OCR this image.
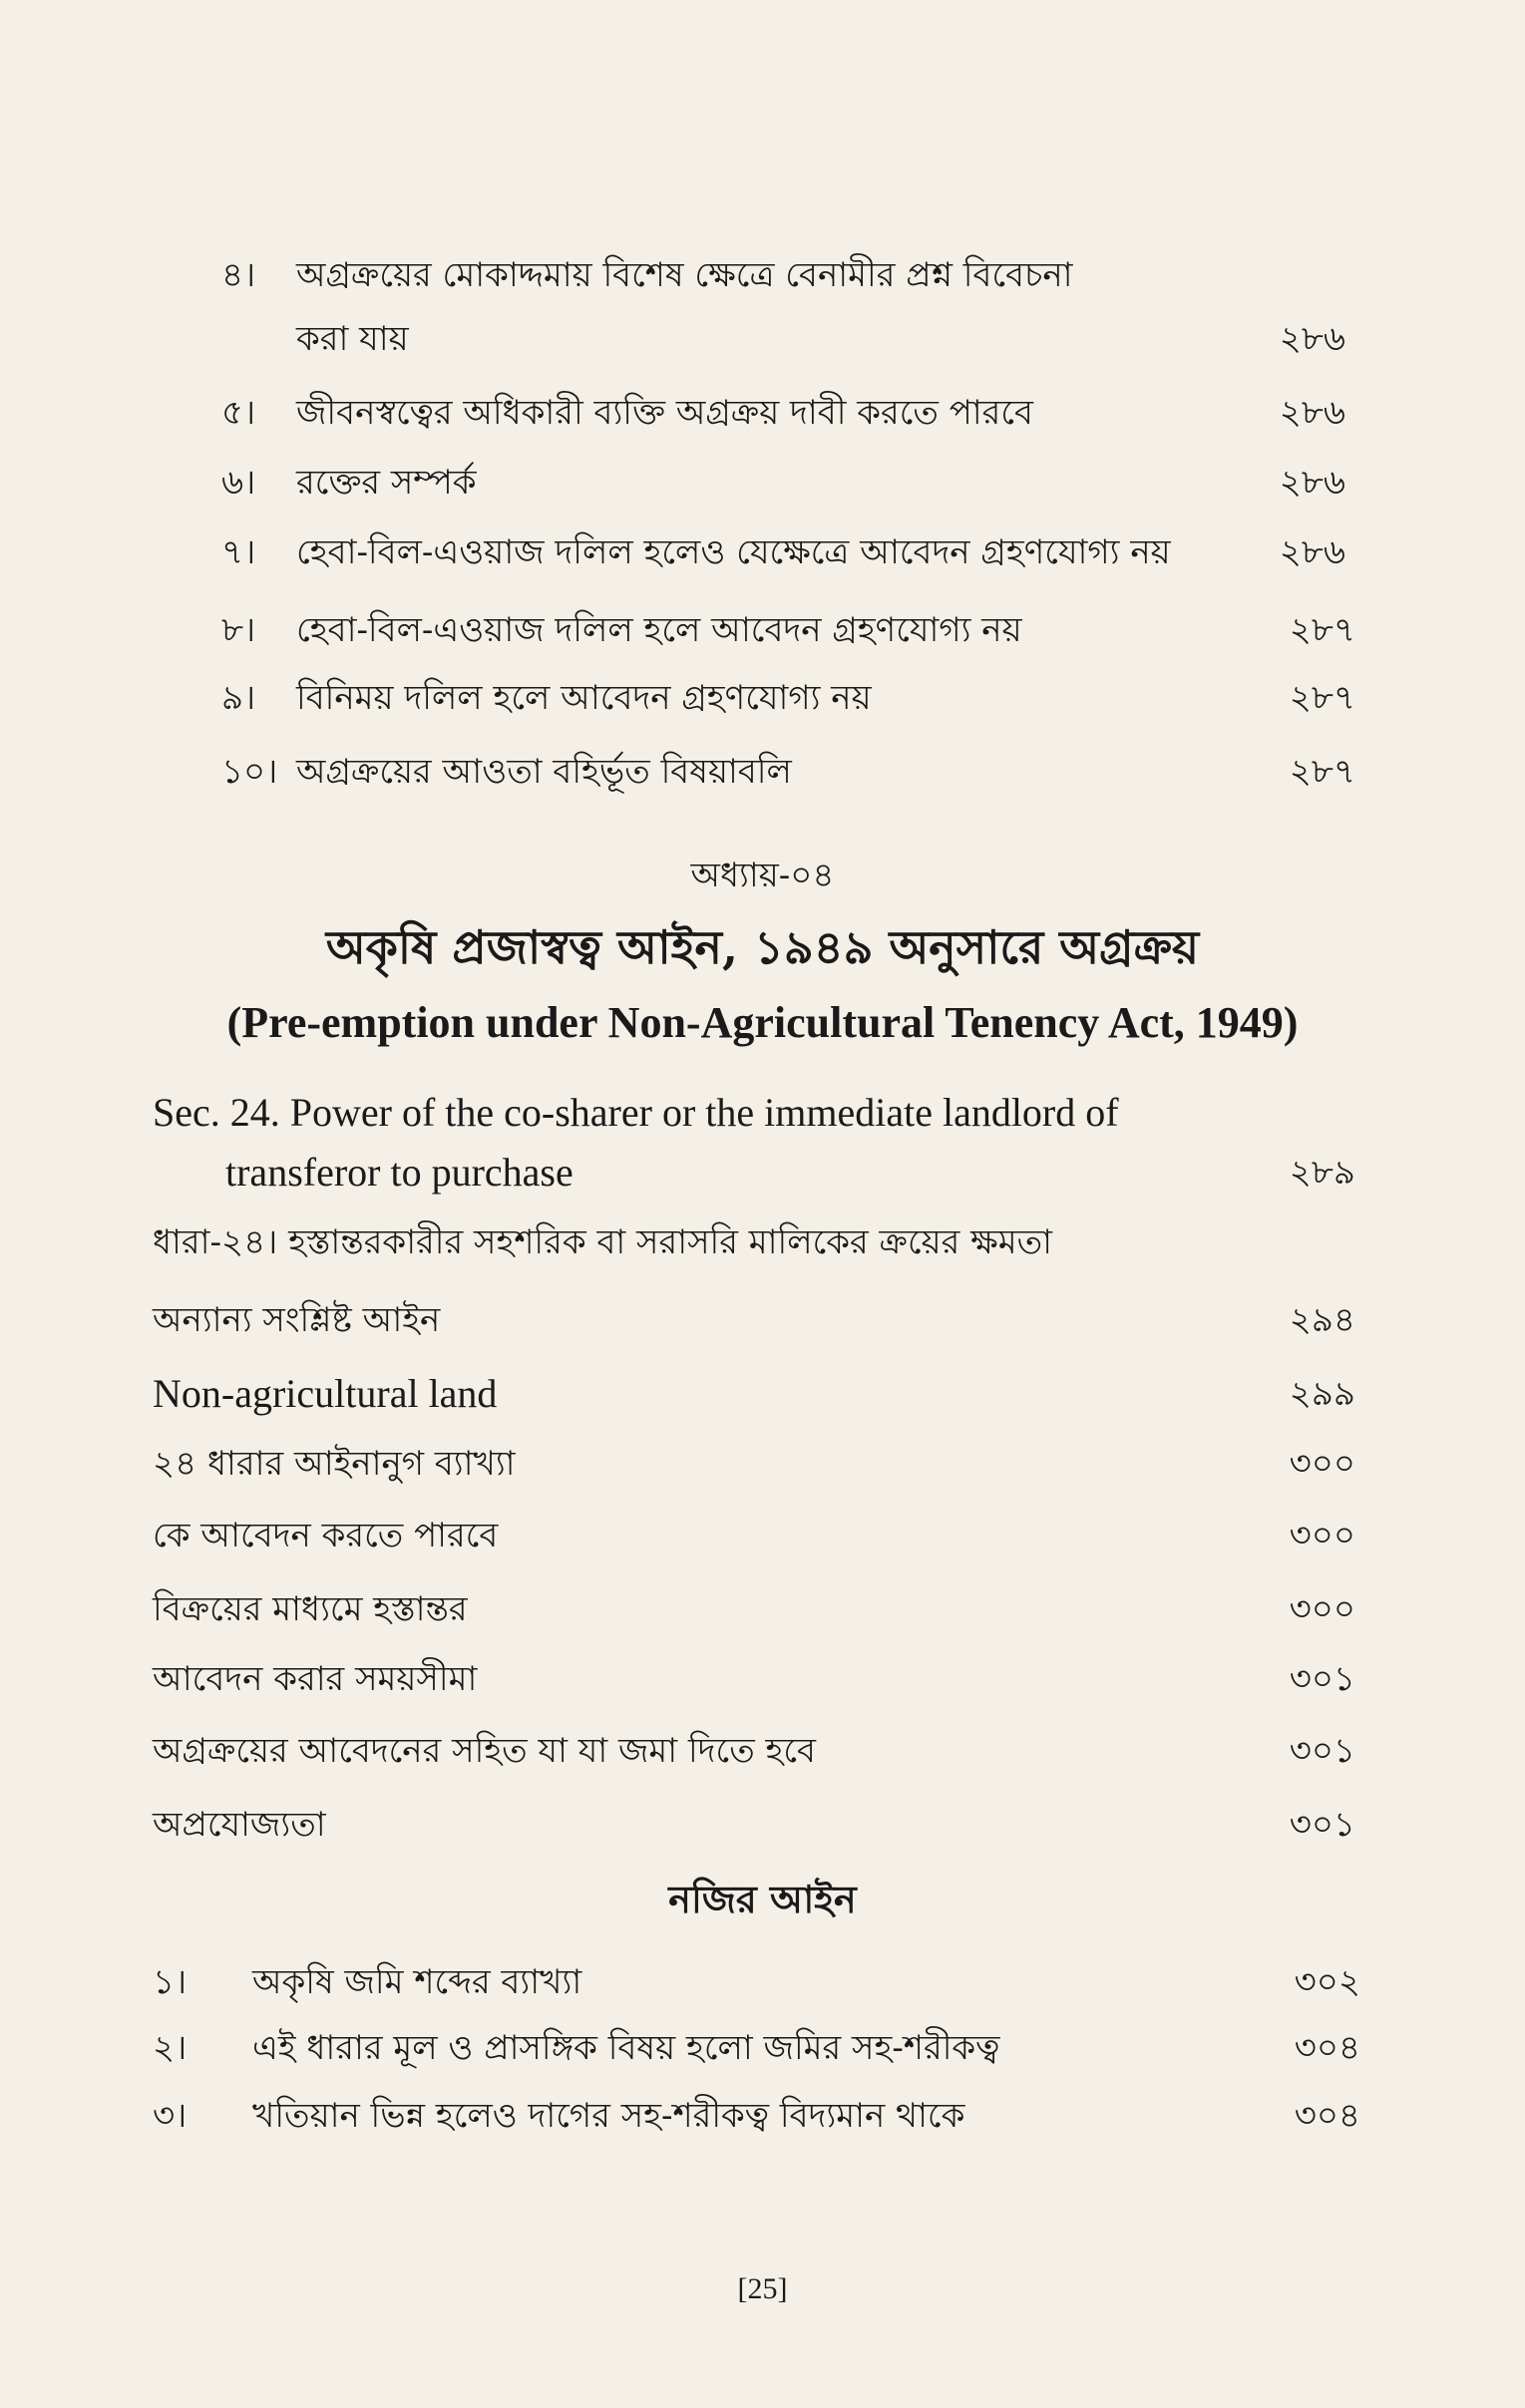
৪। অগ্রক্রয়ের মোকাদ্দমায় বিশেষ ক্ষেত্রে বেনামীর প্রশ্ন বিবেচনা
করা যায়	২৮৬
৫। জীবনস্বত্বের অধিকারী ব্যক্তি অগ্রক্রয় দাবী করতে পারবে	২৮৬
৬। রক্তের সম্পর্ক	২৮৬
৭। হেবা-বিল-এওয়াজ দলিল হলেও যেক্ষেত্রে আবেদন গ্রহণযোগ্য নয়	২৮৬
৮। হেবা-বিল-এওয়াজ দলিল হলে আবেদন গ্রহণযোগ্য নয়	২৮৭
৯। বিনিময় দলিল হলে আবেদন গ্রহণযোগ্য নয়	২৮৭
১০। অগ্রক্রয়ের আওতা বহির্ভূত বিষয়াবলি	২৮৭
অধ্যায়-০৪
অকৃষি প্রজাস্বত্ব আইন, ১৯৪৯ অনুসারে অগ্রক্রয়
(Pre-emption under Non-Agricultural Tenency Act, 1949)
Sec. 24. Power of the co-sharer or the immediate landlord of
transferor to purchase	২৮৯
ধারা-২৪। হস্তান্তরকারীর সহশরিক বা সরাসরি মালিকের ক্রয়ের ক্ষমতা
অন্যান্য সংশ্লিষ্ট আইন	২৯৪
Non-agricultural land	২৯৯
২৪ ধারার আইনানুগ ব্যাখ্যা	৩০০
কে আবেদন করতে পারবে	৩০০
বিক্রয়ের মাধ্যমে হস্তান্তর	৩০০
আবেদন করার সময়সীমা	৩০১
অগ্রক্রয়ের আবেদনের সহিত যা যা জমা দিতে হবে	৩০১
অপ্রযোজ্যতা	৩০১
নজির আইন
১। অকৃষি জমি শব্দের ব্যাখ্যা	৩০২
২। এই ধারার মূল ও প্রাসঙ্গিক বিষয় হলো জমির সহ-শরীকত্ব	৩০৪
৩। খতিয়ান ভিন্ন হলেও দাগের সহ-শরীকত্ব বিদ্যমান থাকে	৩০৪
[25]
